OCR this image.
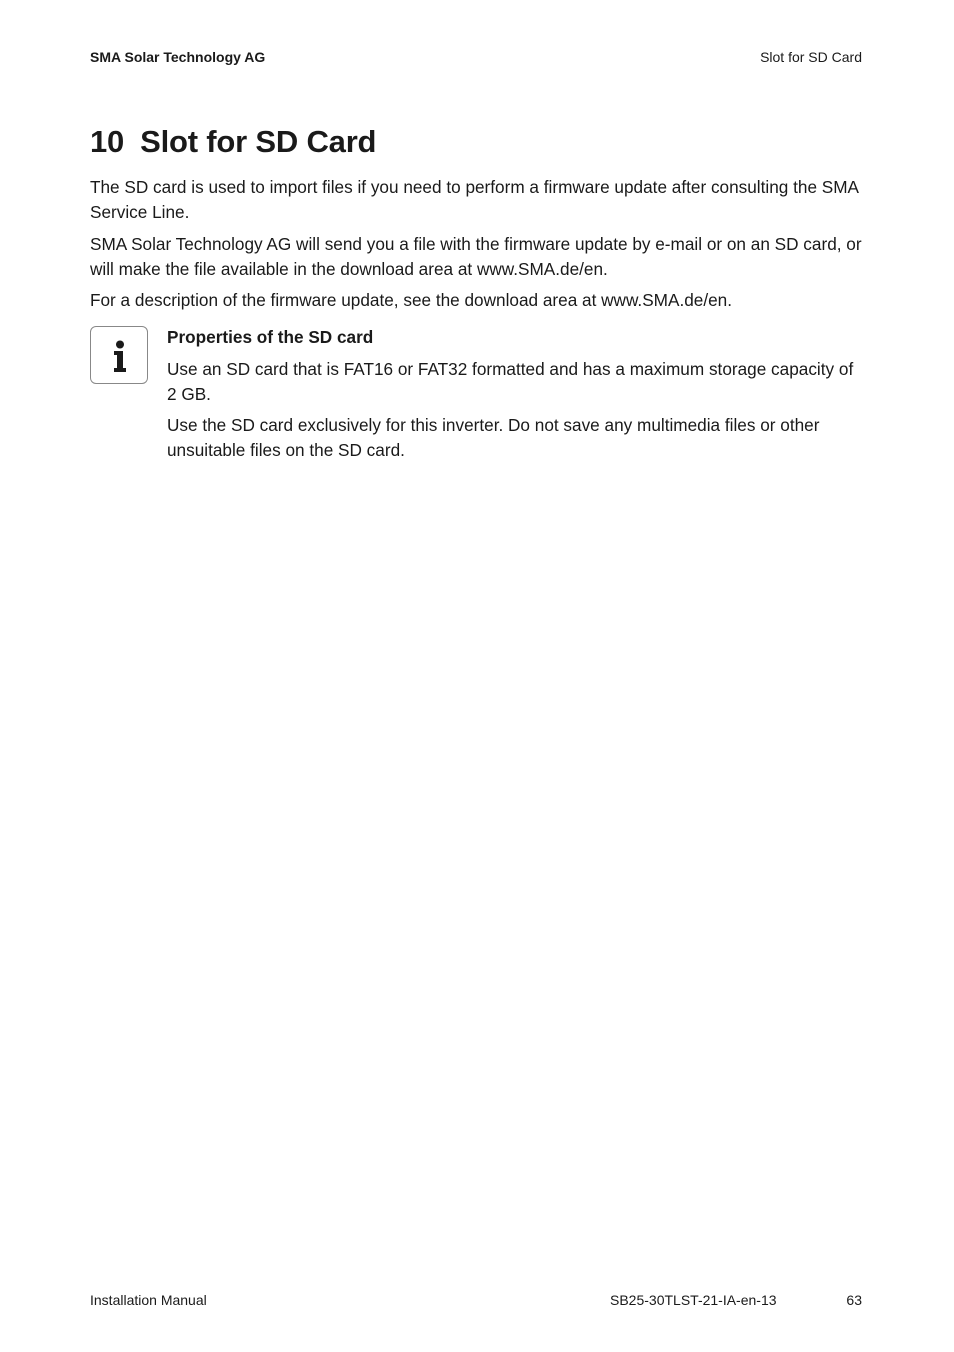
SMA Solar Technology AG	Slot for SD Card
10 Slot for SD Card

The SD card is used to import files if you need to perform a firmware update after consulting the SMA Service Line.

SMA Solar Technology AG will send you a file with the firmware update by e-mail or on an SD card, or will make the file available in the download area at www.SMA.de/en.

For a description of the firmware update, see the download area at www.SMA.de/en.

Properties of the SD card

Use an SD card that is FAT16 or FAT32 formatted and has a maximum storage capacity of 2 GB.

Use the SD card exclusively for this inverter. Do not save any multimedia files or other unsuitable files on the SD card.

Installation Manual	SB25-30TLST-21-IA-en-13	63
